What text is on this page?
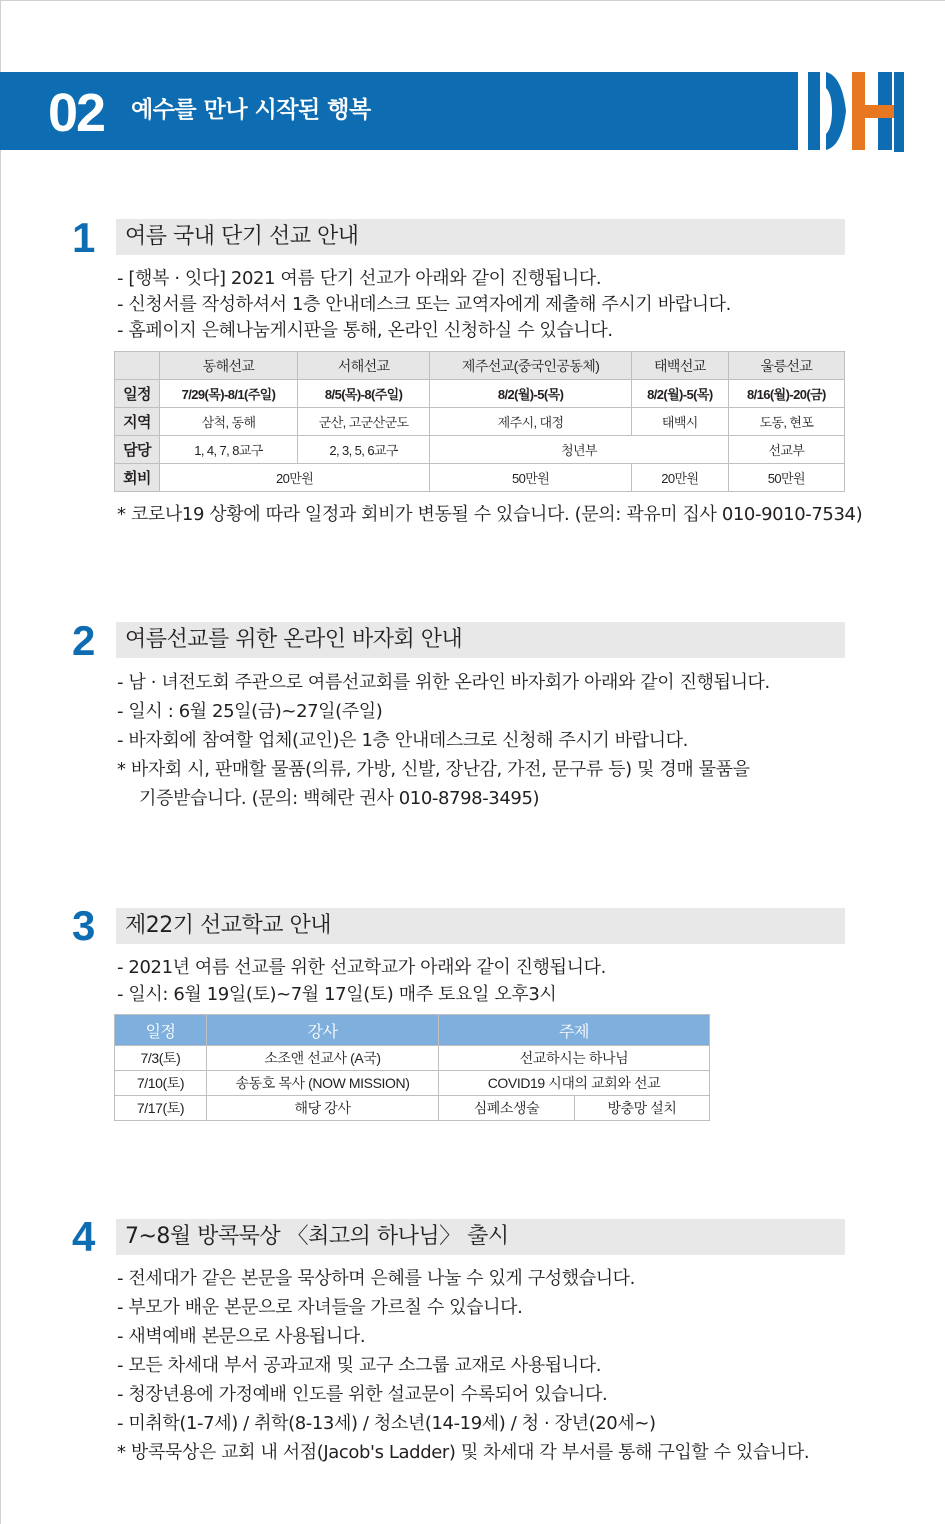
02 예수를 만나 시작된 행복
1 여름 국내 단기 선교 안내
- [행복 · 잇다] 2021 여름 단기 선교가 아래와 같이 진행됩니다.
- 신청서를 작성하셔서 1층 안내데스크 또는 교역자에게 제출해 주시기 바랍니다.
- 홈페이지 은혜나눔게시판을 통해, 온라인 신청하실 수 있습니다.
	동해선교	서해선교	제주선교(중국인공동체)	태백선교	울릉선교
일정	7/29(목)-8/1(주일)	8/5(목)-8(주일)	8/2(월)-5(목)	8/2(월)-5(목)	8/16(월)-20(금)
지역	삼척, 동해	군산, 고군산군도	제주시, 대정	태백시	도동, 현포
담당	1, 4, 7, 8교구	2, 3, 5, 6교구	청년부		선교부
회비	20만원		50만원	20만원	50만원
* 코로나19 상황에 따라 일정과 회비가 변동될 수 있습니다. (문의: 곽유미 집사 010-9010-7534)
2 여름선교를 위한 온라인 바자회 안내
- 남 · 녀전도회 주관으로 여름선교회를 위한 온라인 바자회가 아래와 같이 진행됩니다.
- 일시 : 6월 25일(금)~27일(주일)
- 바자회에 참여할 업체(교인)은 1층 안내데스크로 신청해 주시기 바랍니다.
* 바자회 시, 판매할 물품(의류, 가방, 신발, 장난감, 가전, 문구류 등) 및 경매 물품을
기증받습니다. (문의: 백혜란 권사 010-8798-3495)
3 제22기 선교학교 안내
- 2021년 여름 선교를 위한 선교학교가 아래와 같이 진행됩니다.
- 일시: 6월 19일(토)~7월 17일(토) 매주 토요일 오후3시
일정	강사	주제	
7/3(토)	소조앤 선교사 (A국)	선교하시는 하나님	
7/10(토)	송동호 목사 (NOW MISSION)	COVID19 시대의 교회와 선교	
7/17(토)	해당 강사	심폐소생술	방충망 설치
4 7~8월 방콕묵상 〈최고의 하나님〉 출시
- 전세대가 같은 본문을 묵상하며 은혜를 나눌 수 있게 구성했습니다.
- 부모가 배운 본문으로 자녀들을 가르칠 수 있습니다.
- 새벽예배 본문으로 사용됩니다.
- 모든 차세대 부서 공과교재 및 교구 소그룹 교재로 사용됩니다.
- 청장년용에 가정예배 인도를 위한 설교문이 수록되어 있습니다.
- 미취학(1-7세) / 취학(8-13세) / 청소년(14-19세) / 청 · 장년(20세~)
* 방콕묵상은 교회 내 서점(Jacob's Ladder) 및 차세대 각 부서를 통해 구입할 수 있습니다.
